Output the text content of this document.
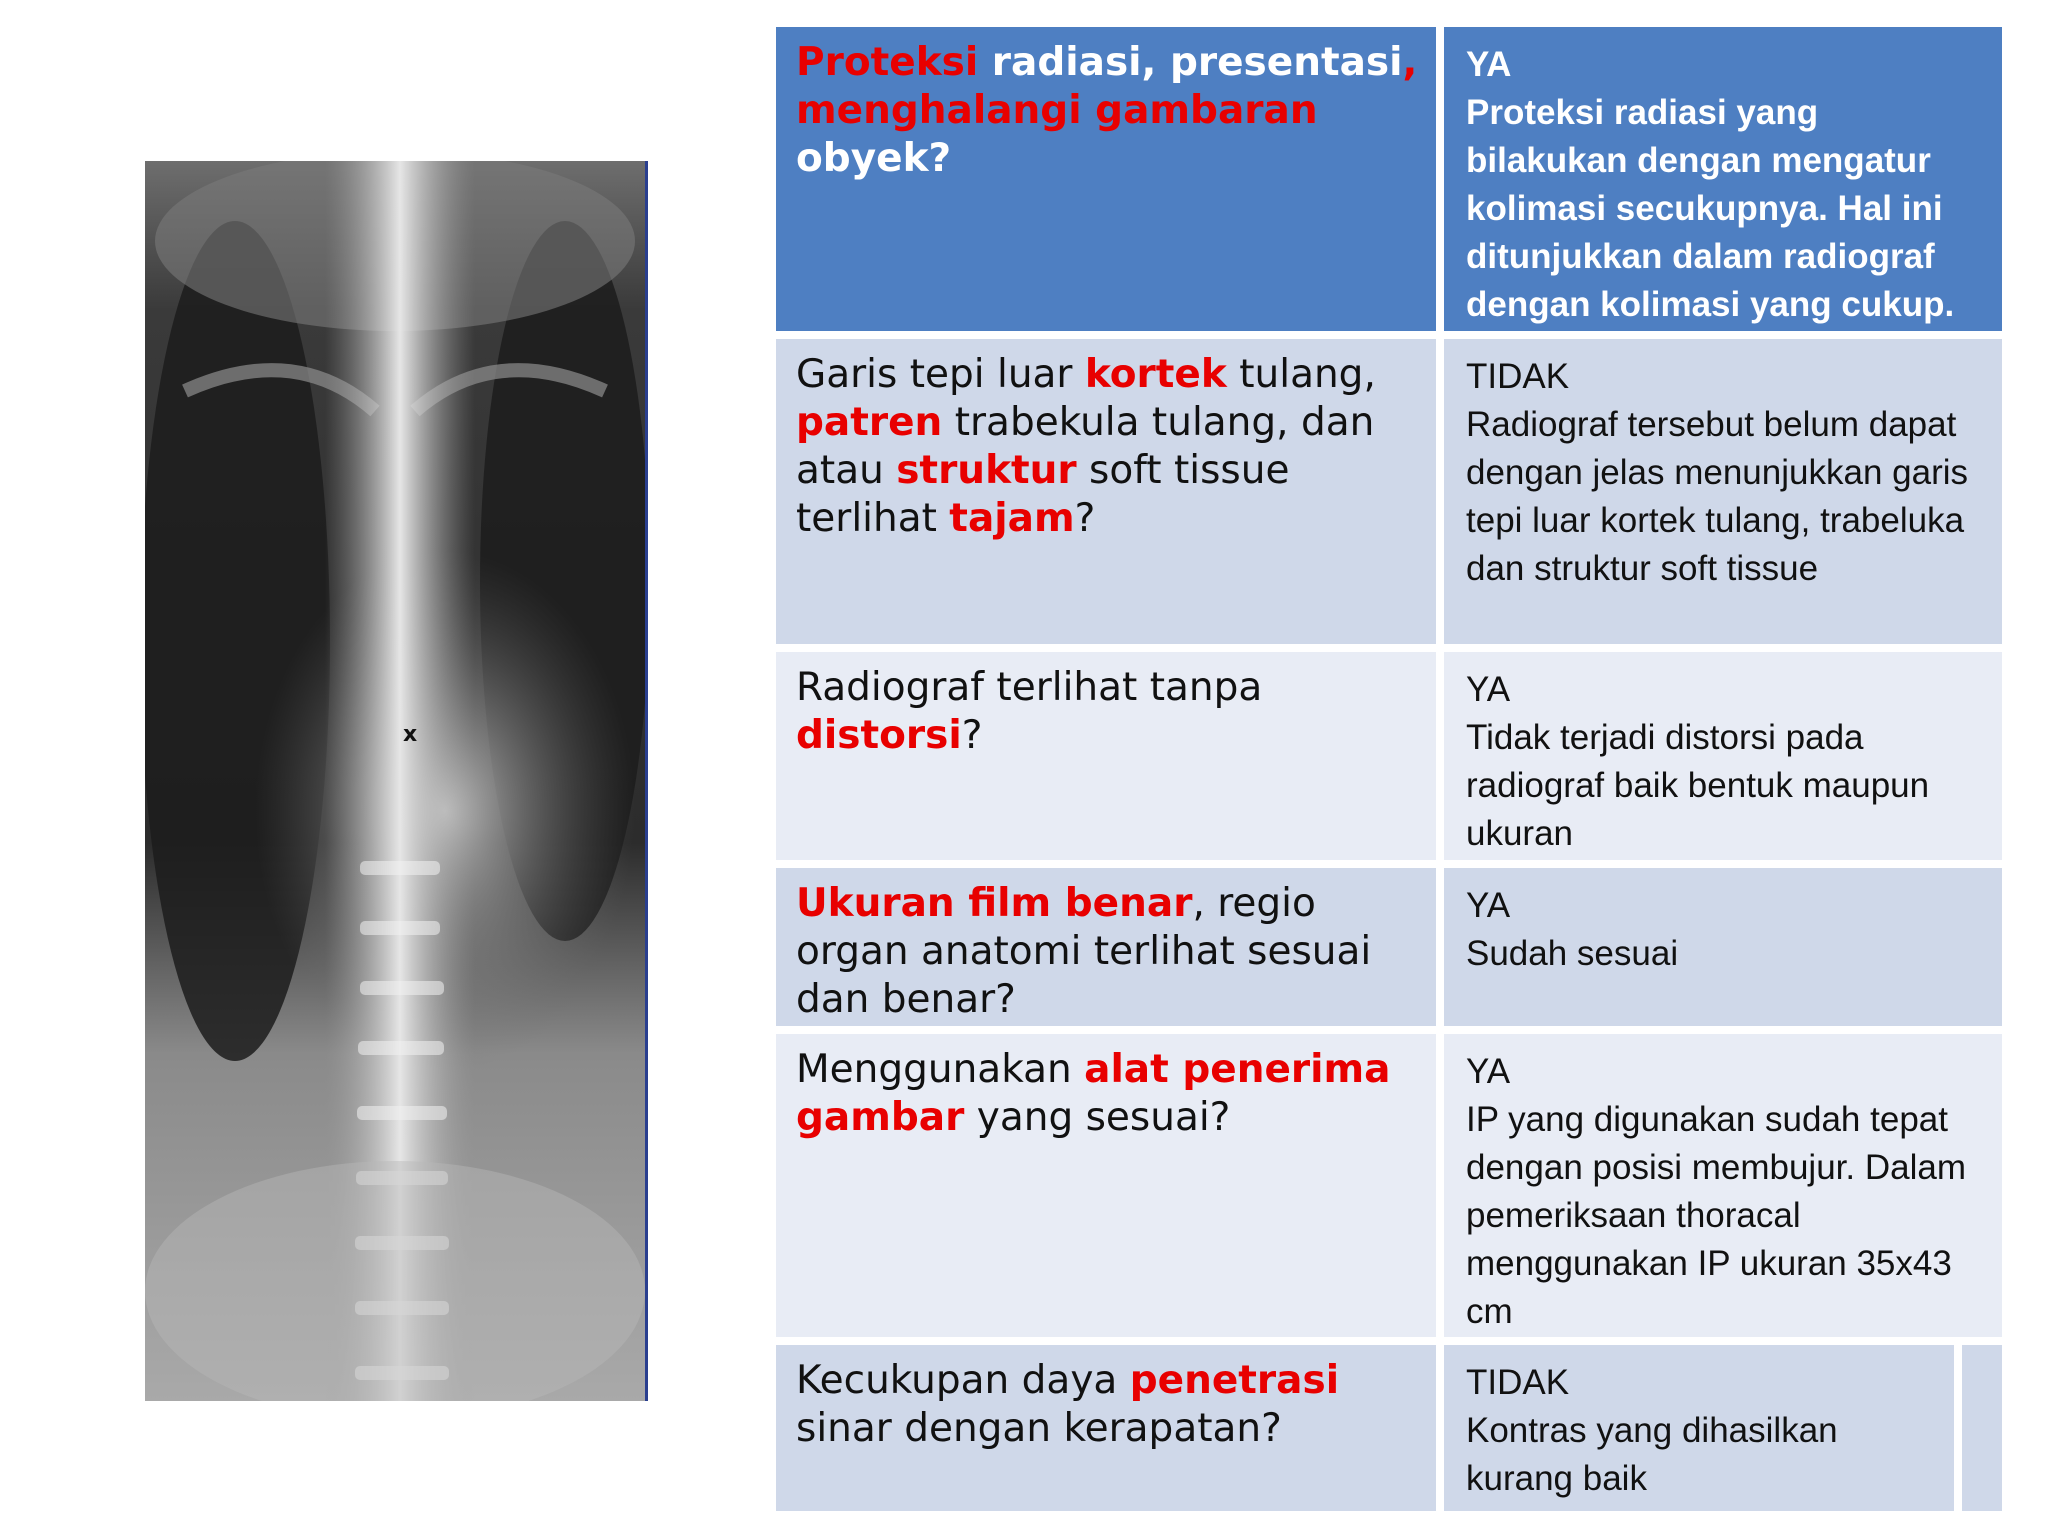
x
Proteksi radiasi, presentasi, menghalangi gambaran obyek?
YA
Proteksi radiasi yang bilakukan dengan mengatur kolimasi secukupnya. Hal ini ditunjukkan dalam radiograf dengan kolimasi yang cukup.
Garis tepi luar kortek tulang, patren trabekula tulang, dan atau struktur soft tissue terlihat tajam?
TIDAK
Radiograf tersebut belum dapat dengan jelas menunjukkan garis tepi luar kortek tulang, trabeluka dan struktur soft tissue
Radiograf terlihat tanpa distorsi?
YA
Tidak terjadi distorsi pada radiograf baik bentuk maupun ukuran
Ukuran film benar, regio organ anatomi terlihat sesuai dan benar?
YA
Sudah sesuai
Menggunakan alat penerima gambar yang sesuai?
YA
IP yang digunakan sudah tepat dengan posisi membujur. Dalam pemeriksaan thoracal menggunakan IP ukuran 35x43 cm
Kecukupan daya penetrasi sinar dengan kerapatan?
TIDAK
Kontras yang dihasilkan kurang baik
